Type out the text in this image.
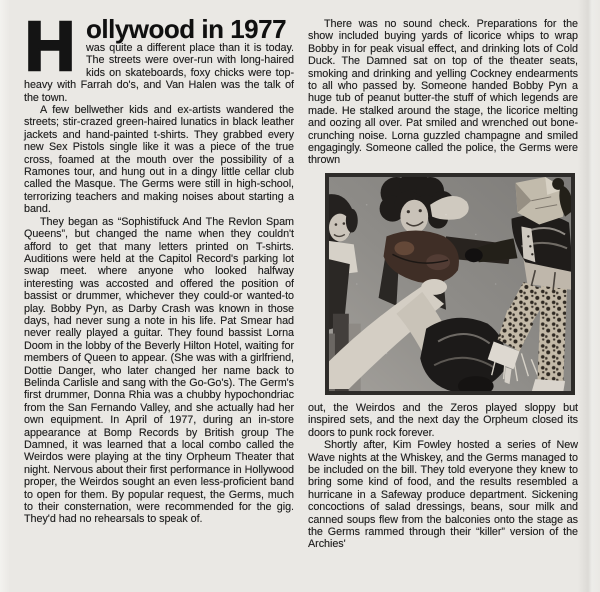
H ollywood in 1977
was quite a different place than it is today. The streets were over-run with long-haired kids on skateboards, foxy chicks were top-heavy with Farrah do's, and Van Halen was the talk of the town.

A few bellwether kids and ex-artists wandered the streets; stir-crazed green-haired lunatics in black leather jackets and hand-painted t-shirts. They grabbed every new Sex Pistols single like it was a piece of the true cross, foamed at the mouth over the possibility of a Ramones tour, and hung out in a dingy little cellar club called the Masque. The Germs were still in high-school, terrorizing teachers and making noises about starting a band.

They began as “Sophistifuck And The Revlon Spam Queens”, but changed the name when they couldn't afford to get that many letters printed on T-shirts. Auditions were held at the Capitol Record's parking lot swap meet. where anyone who looked halfway interesting was accosted and offered the position of bassist or drummer, whichever they could-or wanted-to play. Bobby Pyn, as Darby Crash was known in those days, had never sung a note in his life. Pat Smear had never really played a guitar. They found bassist Lorna Doom in the lobby of the Beverly Hilton Hotel, waiting for members of Queen to appear. (She was with a girlfriend, Dottie Danger, who later changed her name back to Belinda Carlisle and sang with the Go-Go's). The Germ's first drummer, Donna Rhia was a chubby hypochondriac from the San Fernando Valley, and she actually had her own equipment. In April of 1977, during an in-store appearance at Bomp Records by British group The Damned, it was learned that a local combo called the Weirdos were playing at the tiny Orpheum Theater that night. Nervous about their first performance in Hollywood proper, the Weirdos sought an even less-proficient band to open for them. By popular request, the Germs, much to their consternation, were recommended for the gig. They'd had no rehearsals to speak of.

There was no sound check. Preparations for the show included buying yards of licorice whips to wrap Bobby in for peak visual effect, and drinking lots of Cold Duck. The Damned sat on top of the theater seats, smoking and drinking and yelling Cockney endearments to all who passed by. Someone handed Bobby Pyn a huge tub of peanut butter-the stuff of which legends are made. He stalked around the stage, the licorice melting and oozing all over. Pat smiled and wrenched out bone-crunching noise. Lorna guzzled champagne and smiled engagingly. Someone called the police, the Germs were thrown

out, the Weirdos and the Zeros played sloppy but inspired sets, and the next day the Orpheum closed its doors to punk rock forever.

Shortly after, Kim Fowley hosted a series of New Wave nights at the Whiskey, and the Germs managed to be included on the bill. They told everyone they knew to bring some kind of food, and the results resembled a hurricane in a Safeway produce department. Sickening concoctions of salad dressings, beans, sour milk and canned soups flew from the balconies onto the stage as the Germs rammed through their “killer” version of the Archies'
